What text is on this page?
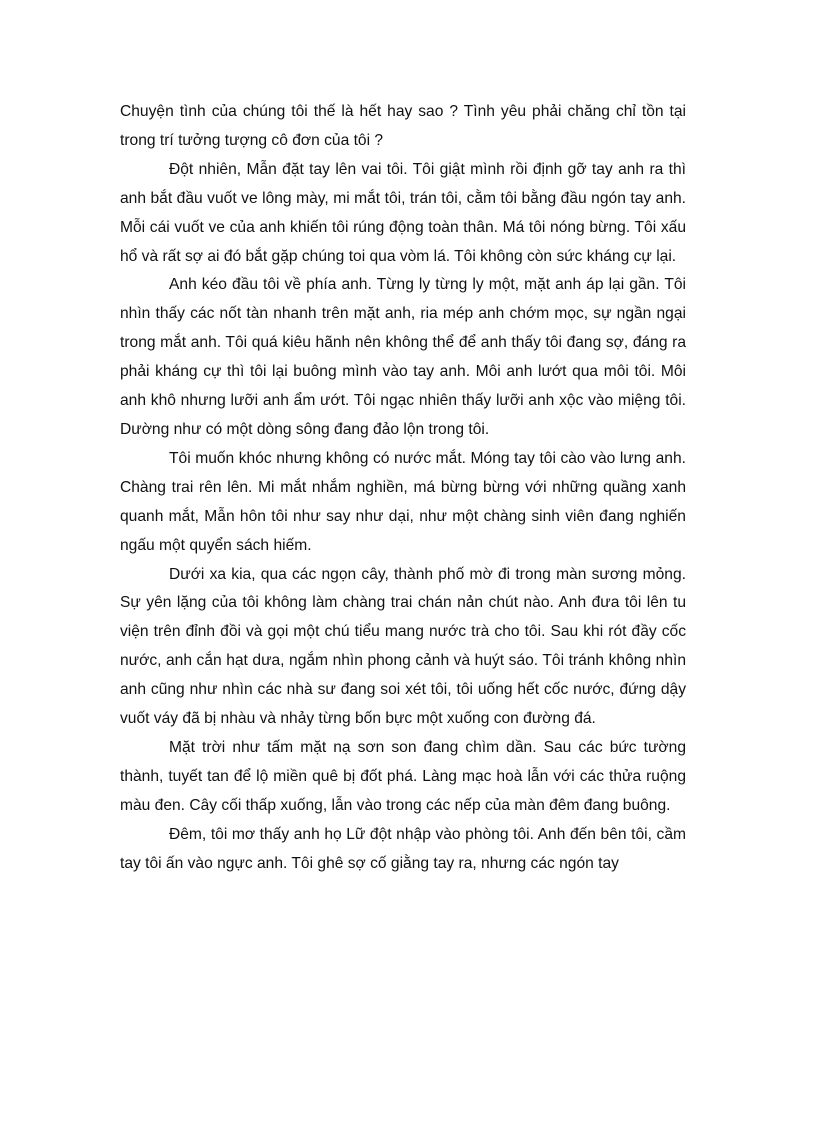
Chuyện tình của chúng tôi thế là hết hay sao ? Tình yêu phải chăng chỉ tồn tại trong trí tưởng tượng cô đơn của tôi ?

Đột nhiên, Mẫn đặt tay lên vai tôi. Tôi giật mình rồi định gỡ tay anh ra thì anh bắt đầu vuốt ve lông mày, mi mắt tôi, trán tôi, cằm tôi bằng đầu ngón tay anh. Mỗi cái vuốt ve của anh khiến tôi rúng động toàn thân. Má tôi nóng bừng. Tôi xấu hổ và rất sợ ai đó bắt gặp chúng toi qua vòm lá. Tôi không còn sức kháng cự lại.

Anh kéo đầu tôi về phía anh. Từng ly từng ly một, mặt anh áp lại gần. Tôi nhìn thấy các nốt tàn nhanh trên mặt anh, ria mép anh chớm mọc, sự ngần ngại trong mắt anh. Tôi quá kiêu hãnh nên không thể để anh thấy tôi đang sợ, đáng ra phải kháng cự thì tôi lại buông mình vào tay anh. Môi anh lướt qua môi tôi. Môi anh khô nhưng lưỡi anh ẩm ướt. Tôi ngạc nhiên thấy lưỡi anh xộc vào miệng tôi. Dường như có một dòng sông đang đảo lộn trong tôi.

Tôi muốn khóc nhưng không có nước mắt. Móng tay tôi cào vào lưng anh. Chàng trai rên lên. Mi mắt nhắm nghiền, má bừng bừng với những quầng xanh quanh mắt, Mẫn hôn tôi như say như dại, như một chàng sinh viên đang nghiến ngấu một quyển sách hiếm.

Dưới xa kia, qua các ngọn cây, thành phố mờ đi trong màn sương mỏng. Sự yên lặng của tôi không làm chàng trai chán nản chút nào. Anh đưa tôi lên tu viện trên đỉnh đồi và gọi một chú tiểu mang nước trà cho tôi. Sau khi rót đầy cốc nước, anh cắn hạt dưa, ngắm nhìn phong cảnh và huýt sáo. Tôi tránh không nhìn anh cũng như nhìn các nhà sư đang soi xét tôi, tôi uống hết cốc nước, đứng dậy vuốt váy đã bị nhàu và nhảy từng bốn bực một xuống con đường đá.

Mặt trời như tấm mặt nạ sơn son đang chìm dần. Sau các bức tường thành, tuyết tan để lộ miền quê bị đốt phá. Làng mạc hoà lẫn với các thửa ruộng màu đen. Cây cối thấp xuống, lẫn vào trong các nếp của màn đêm đang buông.

Đêm, tôi mơ thấy anh họ Lữ đột nhập vào phòng tôi. Anh đến bên tôi, cầm tay tôi ấn vào ngực anh. Tôi ghê sợ cố giằng tay ra, nhưng các ngón tay
